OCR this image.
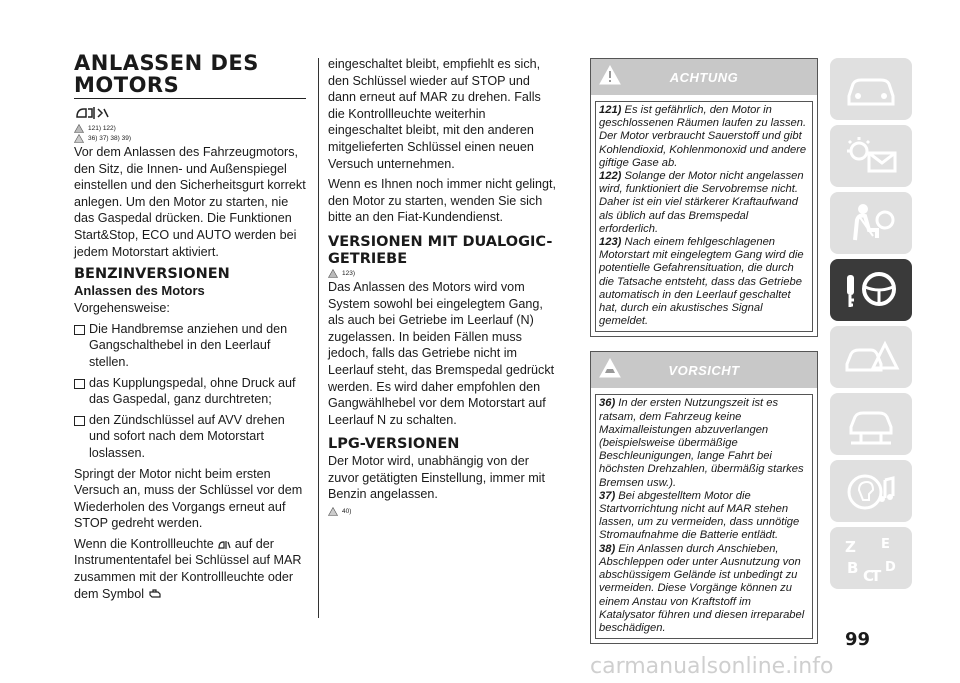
ANLASSEN DES MOTORS
121) 122)
36) 37) 38) 39)

Vor dem Anlassen des Fahrzeugmotors, den Sitz, die Innen- und Außenspiegel einstellen und den Sicherheitsgurt korrekt anlegen. Um den Motor zu starten, nie das Gaspedal drücken. Die Funktionen Start&Stop, ECO und AUTO werden bei jedem Motorstart aktiviert.

BENZINVERSIONEN
Anlassen des Motors

Vorgehensweise:

Die Handbremse anziehen und den Gangschalthebel in den Leerlauf stellen.

das Kupplungspedal, ohne Druck auf das Gaspedal, ganz durchtreten;

den Zündschlüssel auf AVV drehen und sofort nach dem Motorstart loslassen.

Springt der Motor nicht beim ersten Versuch an, muss der Schlüssel vor dem Wiederholen des Vorgangs erneut auf STOP gedreht werden.

Wenn die Kontrollleuchte auf der Instrumententafel bei Schlüssel auf MAR zusammen mit der Kontrollleuchte oder dem Symbol

eingeschaltet bleibt, empfiehlt es sich, den Schlüssel wieder auf STOP und dann erneut auf MAR zu drehen. Falls die Kontrollleuchte weiterhin eingeschaltet bleibt, mit den anderen mitgelieferten Schlüssel einen neuen Versuch unternehmen.

Wenn es Ihnen noch immer nicht gelingt, den Motor zu starten, wenden Sie sich bitte an den Fiat-Kundendienst.

VERSIONEN MIT DUALOGIC-GETRIEBE
123)

Das Anlassen des Motors wird vom System sowohl bei eingelegtem Gang, als auch bei Getriebe im Leerlauf (N) zugelassen. In beiden Fällen muss jedoch, falls das Getriebe nicht im Leerlauf steht, das Bremspedal gedrückt werden. Es wird daher empfohlen den Gangwählhebel vor dem Motorstart auf Leerlauf N zu schalten.

LPG-VERSIONEN

Der Motor wird, unabhängig von der zuvor getätigten Einstellung, immer mit Benzin angelassen.

40)
ACHTUNG

121) Es ist gefährlich, den Motor in geschlossenen Räumen laufen zu lassen. Der Motor verbraucht Sauerstoff und gibt Kohlendioxid, Kohlenmonoxid und andere giftige Gase ab.

122) Solange der Motor nicht angelassen wird, funktioniert die Servobremse nicht. Daher ist ein viel stärkerer Kraftaufwand als üblich auf das Bremspedal erforderlich.

123) Nach einem fehlgeschlagenen Motorstart mit eingelegtem Gang wird die potentielle Gefahrensituation, die durch die Tatsache entsteht, dass das Getriebe automatisch in den Leerlauf geschaltet hat, durch ein akustisches Signal gemeldet.

VORSICHT

36) In der ersten Nutzungszeit ist es ratsam, dem Fahrzeug keine Maximalleistungen abzuverlangen (beispielsweise übermäßige Beschleunigungen, lange Fahrt bei höchsten Drehzahlen, übermäßig starkes Bremsen usw.).

37) Bei abgestelltem Motor die Startvorrichtung nicht auf MAR stehen lassen, um zu vermeiden, dass unnötige Stromaufnahme die Batterie entlädt.

38) Ein Anlassen durch Anschieben, Abschleppen oder unter Ausnutzung von abschüssigem Gelände ist unbedingt zu vermeiden. Diese Vorgänge können zu einem Anstau von Kraftstoff im Katalysator führen und diesen irreparabel beschädigen.

Z E
B C
T D
99
carmanualsonline.info
